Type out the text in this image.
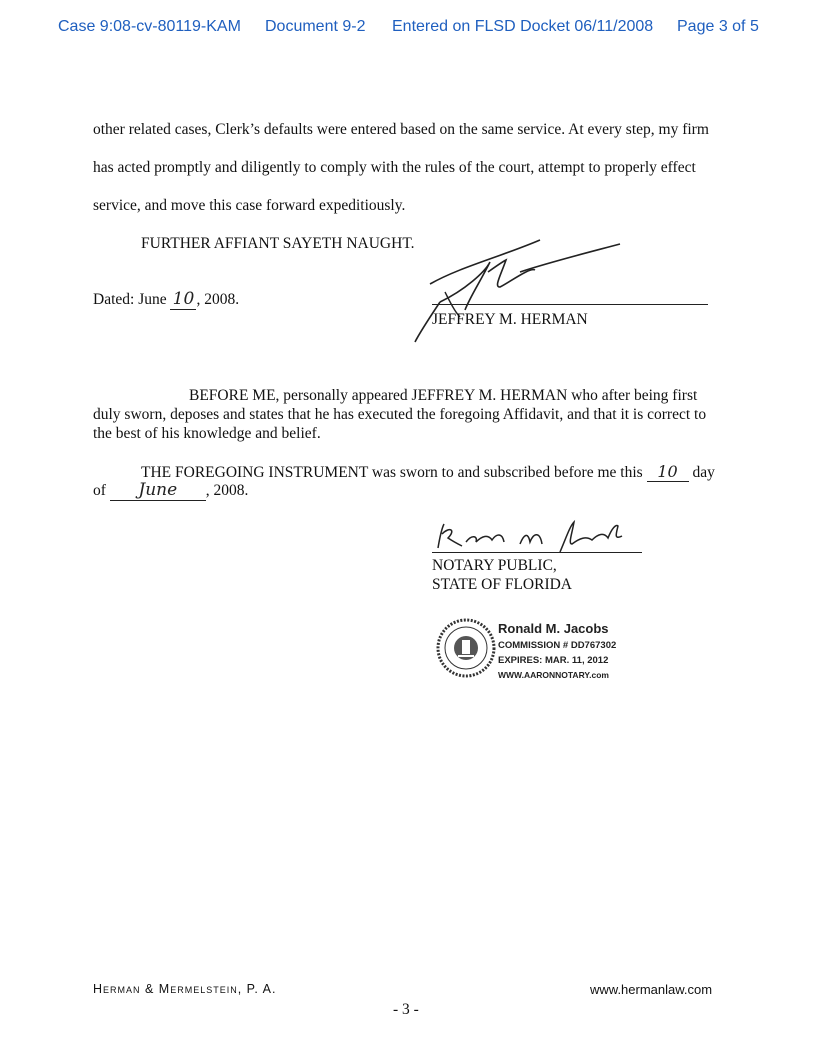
Case 9:08-cv-80119-KAM Document 9-2 Entered on FLSD Docket 06/11/2008 Page 3 of 5
other related cases, Clerk’s defaults were entered based on the same service. At every step, my firm
has acted promptly and diligently to comply with the rules of the court, attempt to properly effect
service, and move this case forward expeditiously.
FURTHER AFFIANT SAYETH NAUGHT.
Dated: June 10 , 2008.
JEFFREY M. HERMAN
BEFORE ME, personally appeared JEFFREY M. HERMAN who after being first
duly sworn, deposes and states that he has executed the foregoing Affidavit, and that it is correct to
the best of his knowledge and belief.
THE FOREGOING INSTRUMENT was sworn to and subscribed before me this 10 day
of June , 2008.
NOTARY PUBLIC,
STATE OF FLORIDA
Ronald M. Jacobs
COMMISSION # DD767302
EXPIRES: MAR. 11, 2012
WWW.AARONNOTARY.com
Herman & Mermelstein, P. A.	www.hermanlaw.com
- 3 -
